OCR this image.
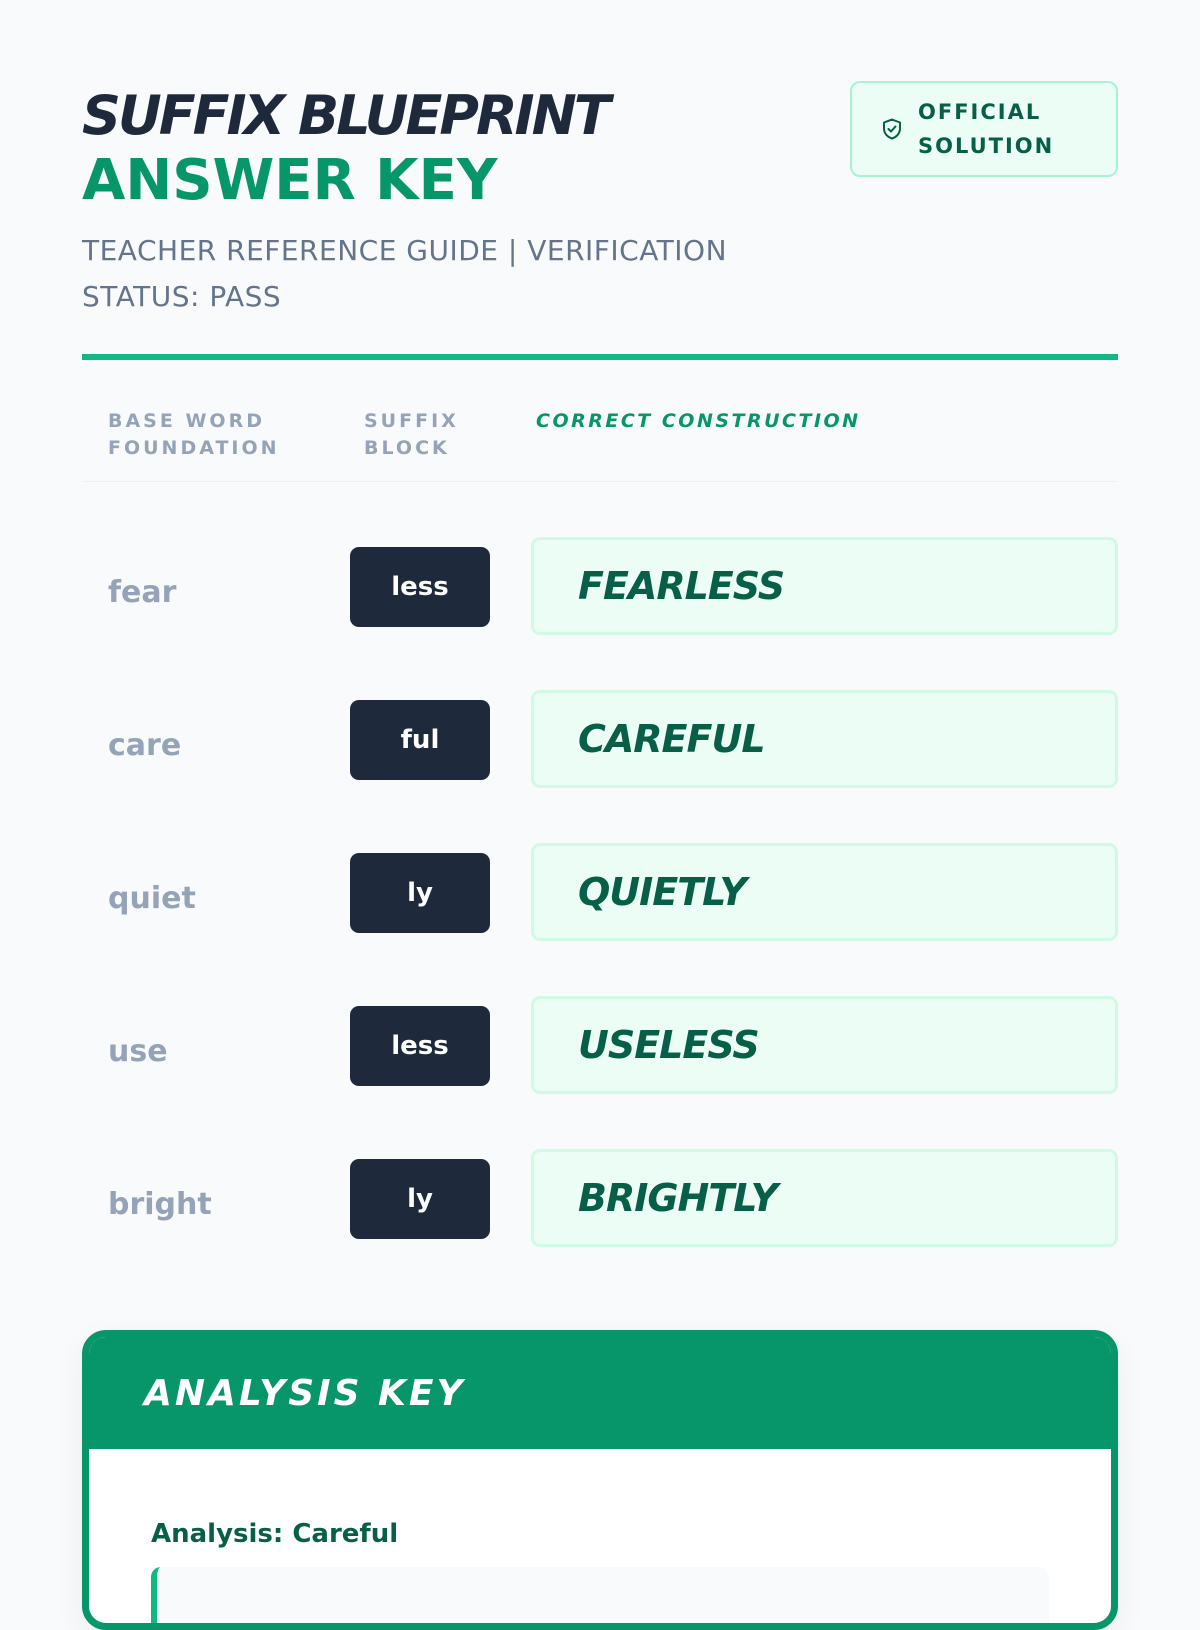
SUFFIX BLUEPRINT
ANSWER KEY
TEACHER REFERENCE GUIDE | VERIFICATION STATUS: PASS
OFFICIAL
SOLUTION
BASE WORD FOUNDATION
SUFFIX BLOCK
CORRECT CONSTRUCTION
fear	less	FEARLESS
care	ful	CAREFUL
quiet	ly	QUIETLY
use	less	USELESS
bright	ly	BRIGHTLY
ANALYSIS KEY
Analysis: Careful
